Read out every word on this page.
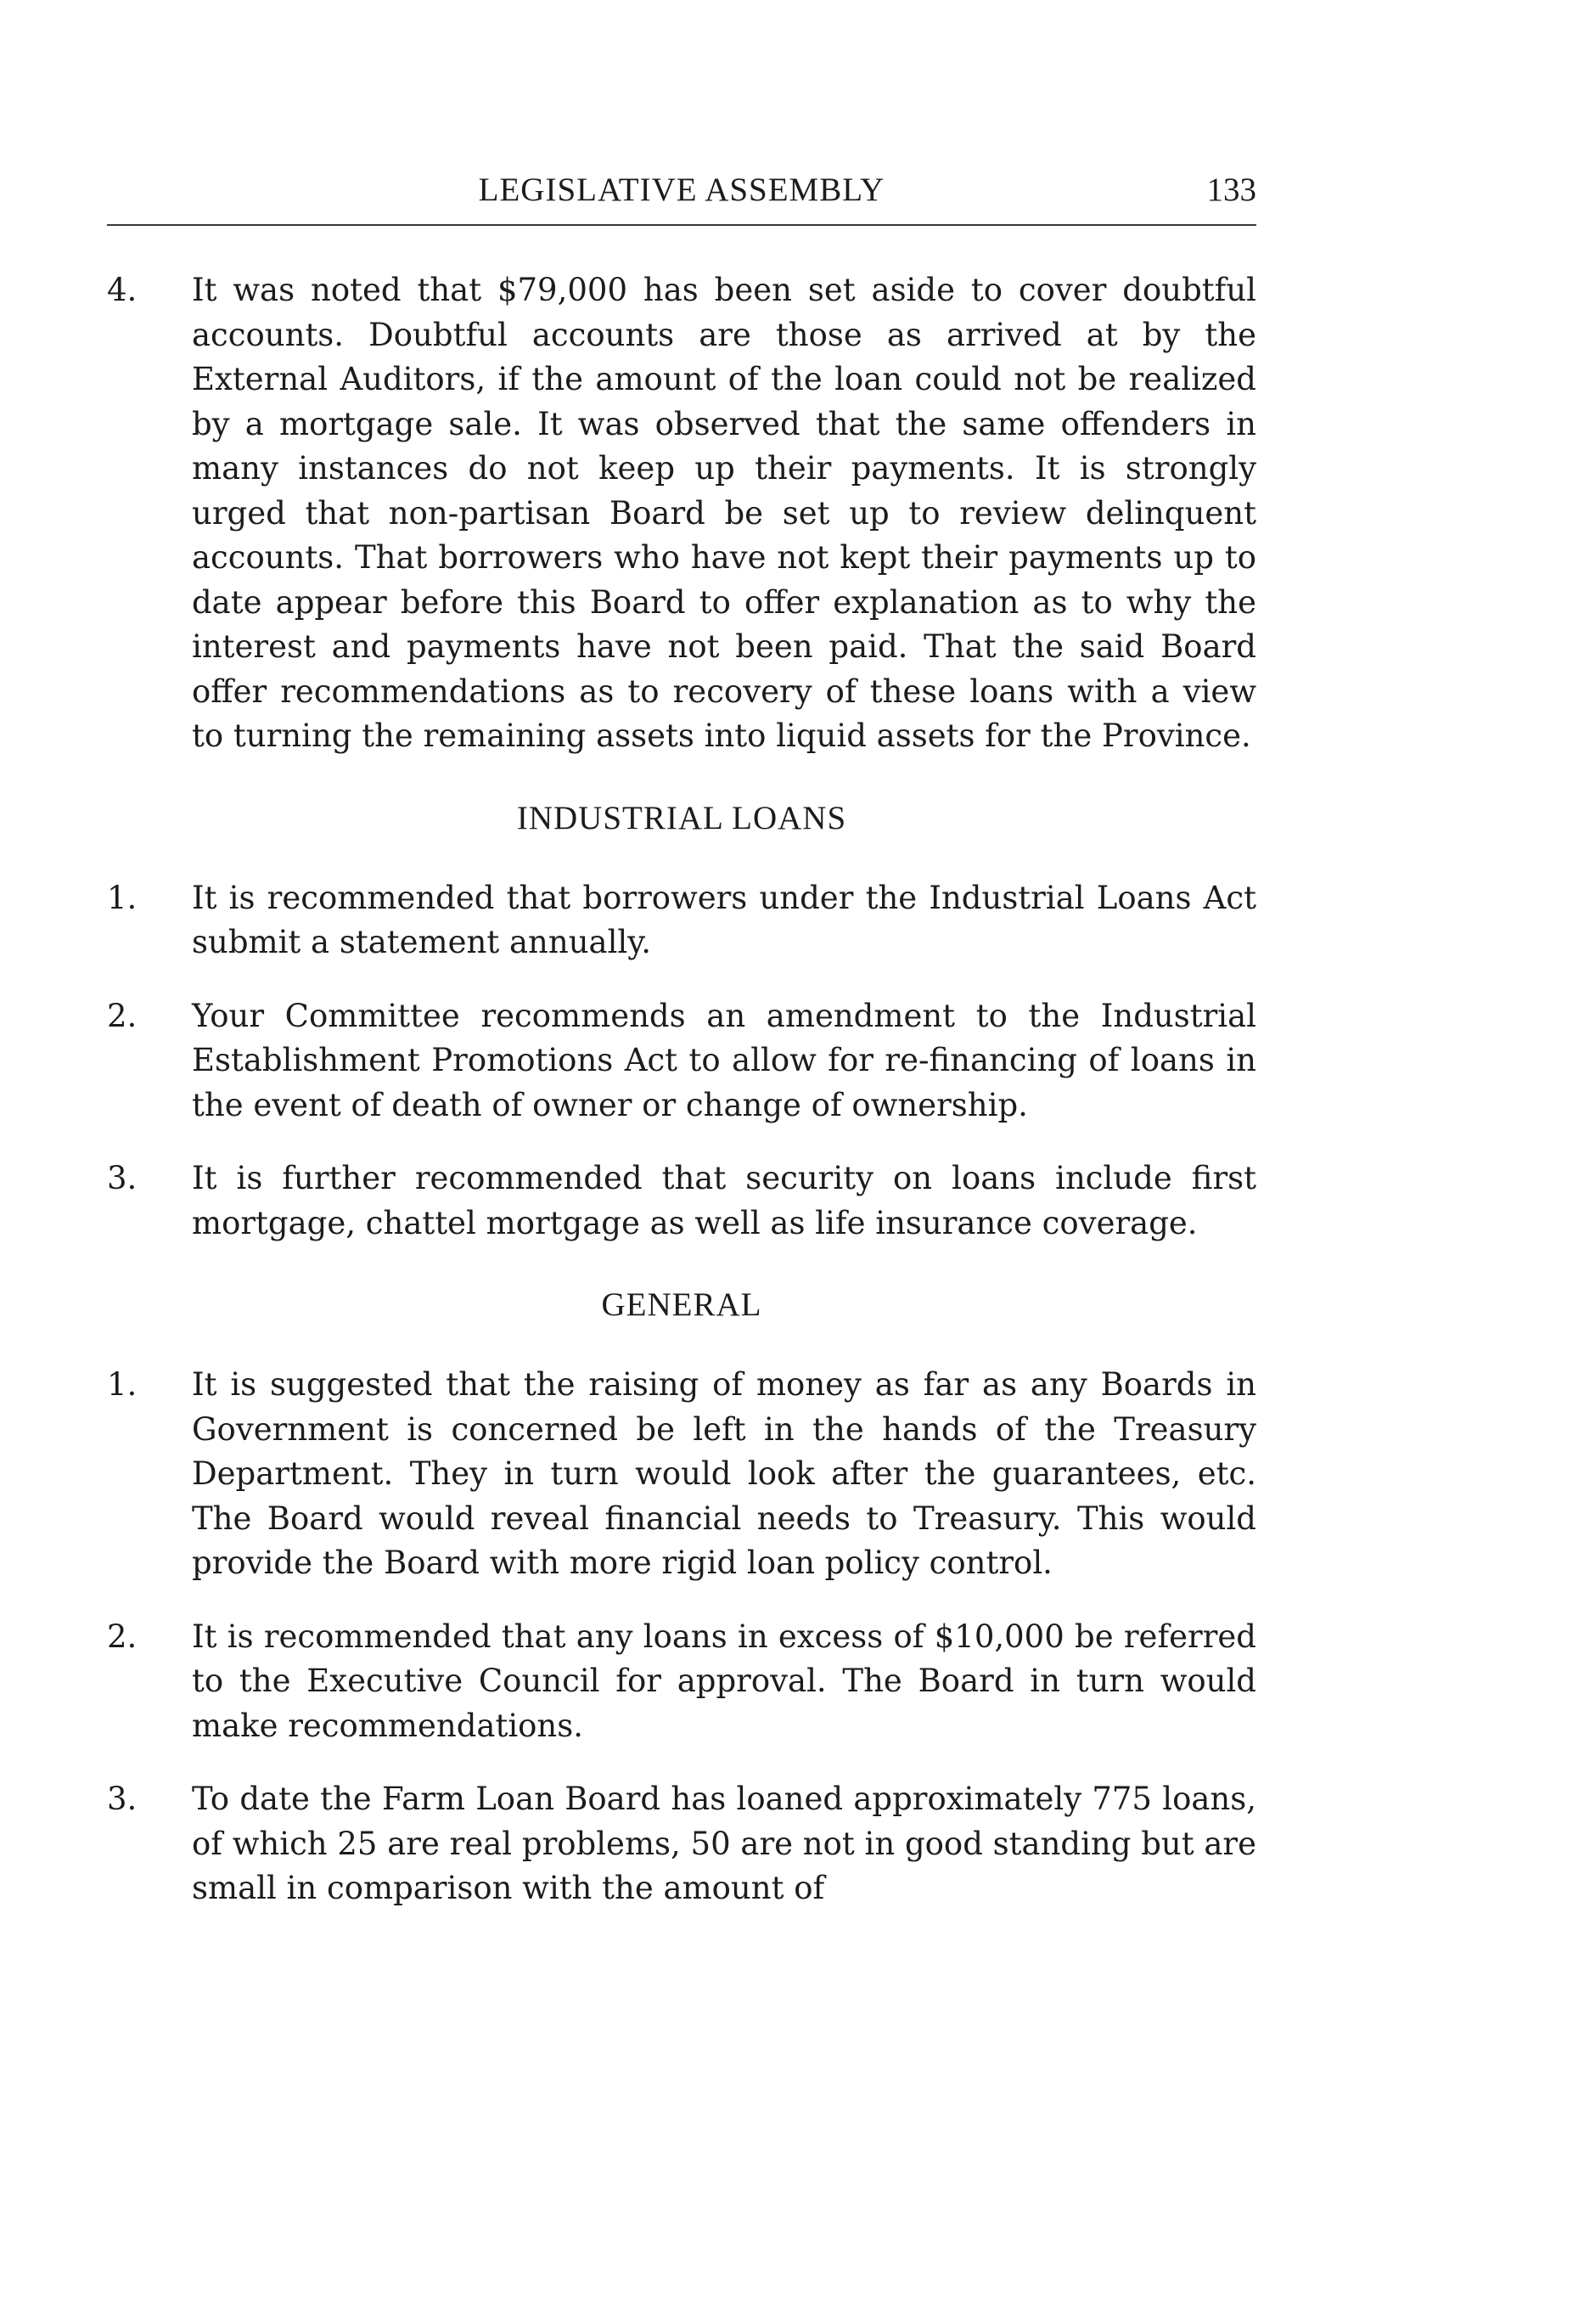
LEGISLATIVE ASSEMBLY	133

4.	It was noted that $79,000 has been set aside to cover doubtful accounts. Doubtful accounts are those as arrived at by the External Auditors, if the amount of the loan could not be realized by a mortgage sale. It was observed that the same offenders in many instances do not keep up their payments. It is strongly urged that non-partisan Board be set up to review delinquent accounts. That borrowers who have not kept their payments up to date appear before this Board to offer explanation as to why the interest and payments have not been paid. That the said Board offer recommendations as to recovery of these loans with a view to turning the remaining assets into liquid assets for the Province.

INDUSTRIAL LOANS

1.	It is recommended that borrowers under the Industrial Loans Act submit a statement annually.

2.	Your Committee recommends an amendment to the Industrial Establishment Promotions Act to allow for re-financing of loans in the event of death of owner or change of ownership.

3.	It is further recommended that security on loans include first mortgage, chattel mortgage as well as life insurance coverage.

GENERAL

1.	It is suggested that the raising of money as far as any Boards in Government is concerned be left in the hands of the Treasury Department. They in turn would look after the guarantees, etc. The Board would reveal financial needs to Treasury. This would provide the Board with more rigid loan policy control.

2.	It is recommended that any loans in excess of $10,000 be referred to the Executive Council for approval. The Board in turn would make recommendations.

3.	To date the Farm Loan Board has loaned approximately 775 loans, of which 25 are real problems, 50 are not in good standing but are small in comparison with the amount of
